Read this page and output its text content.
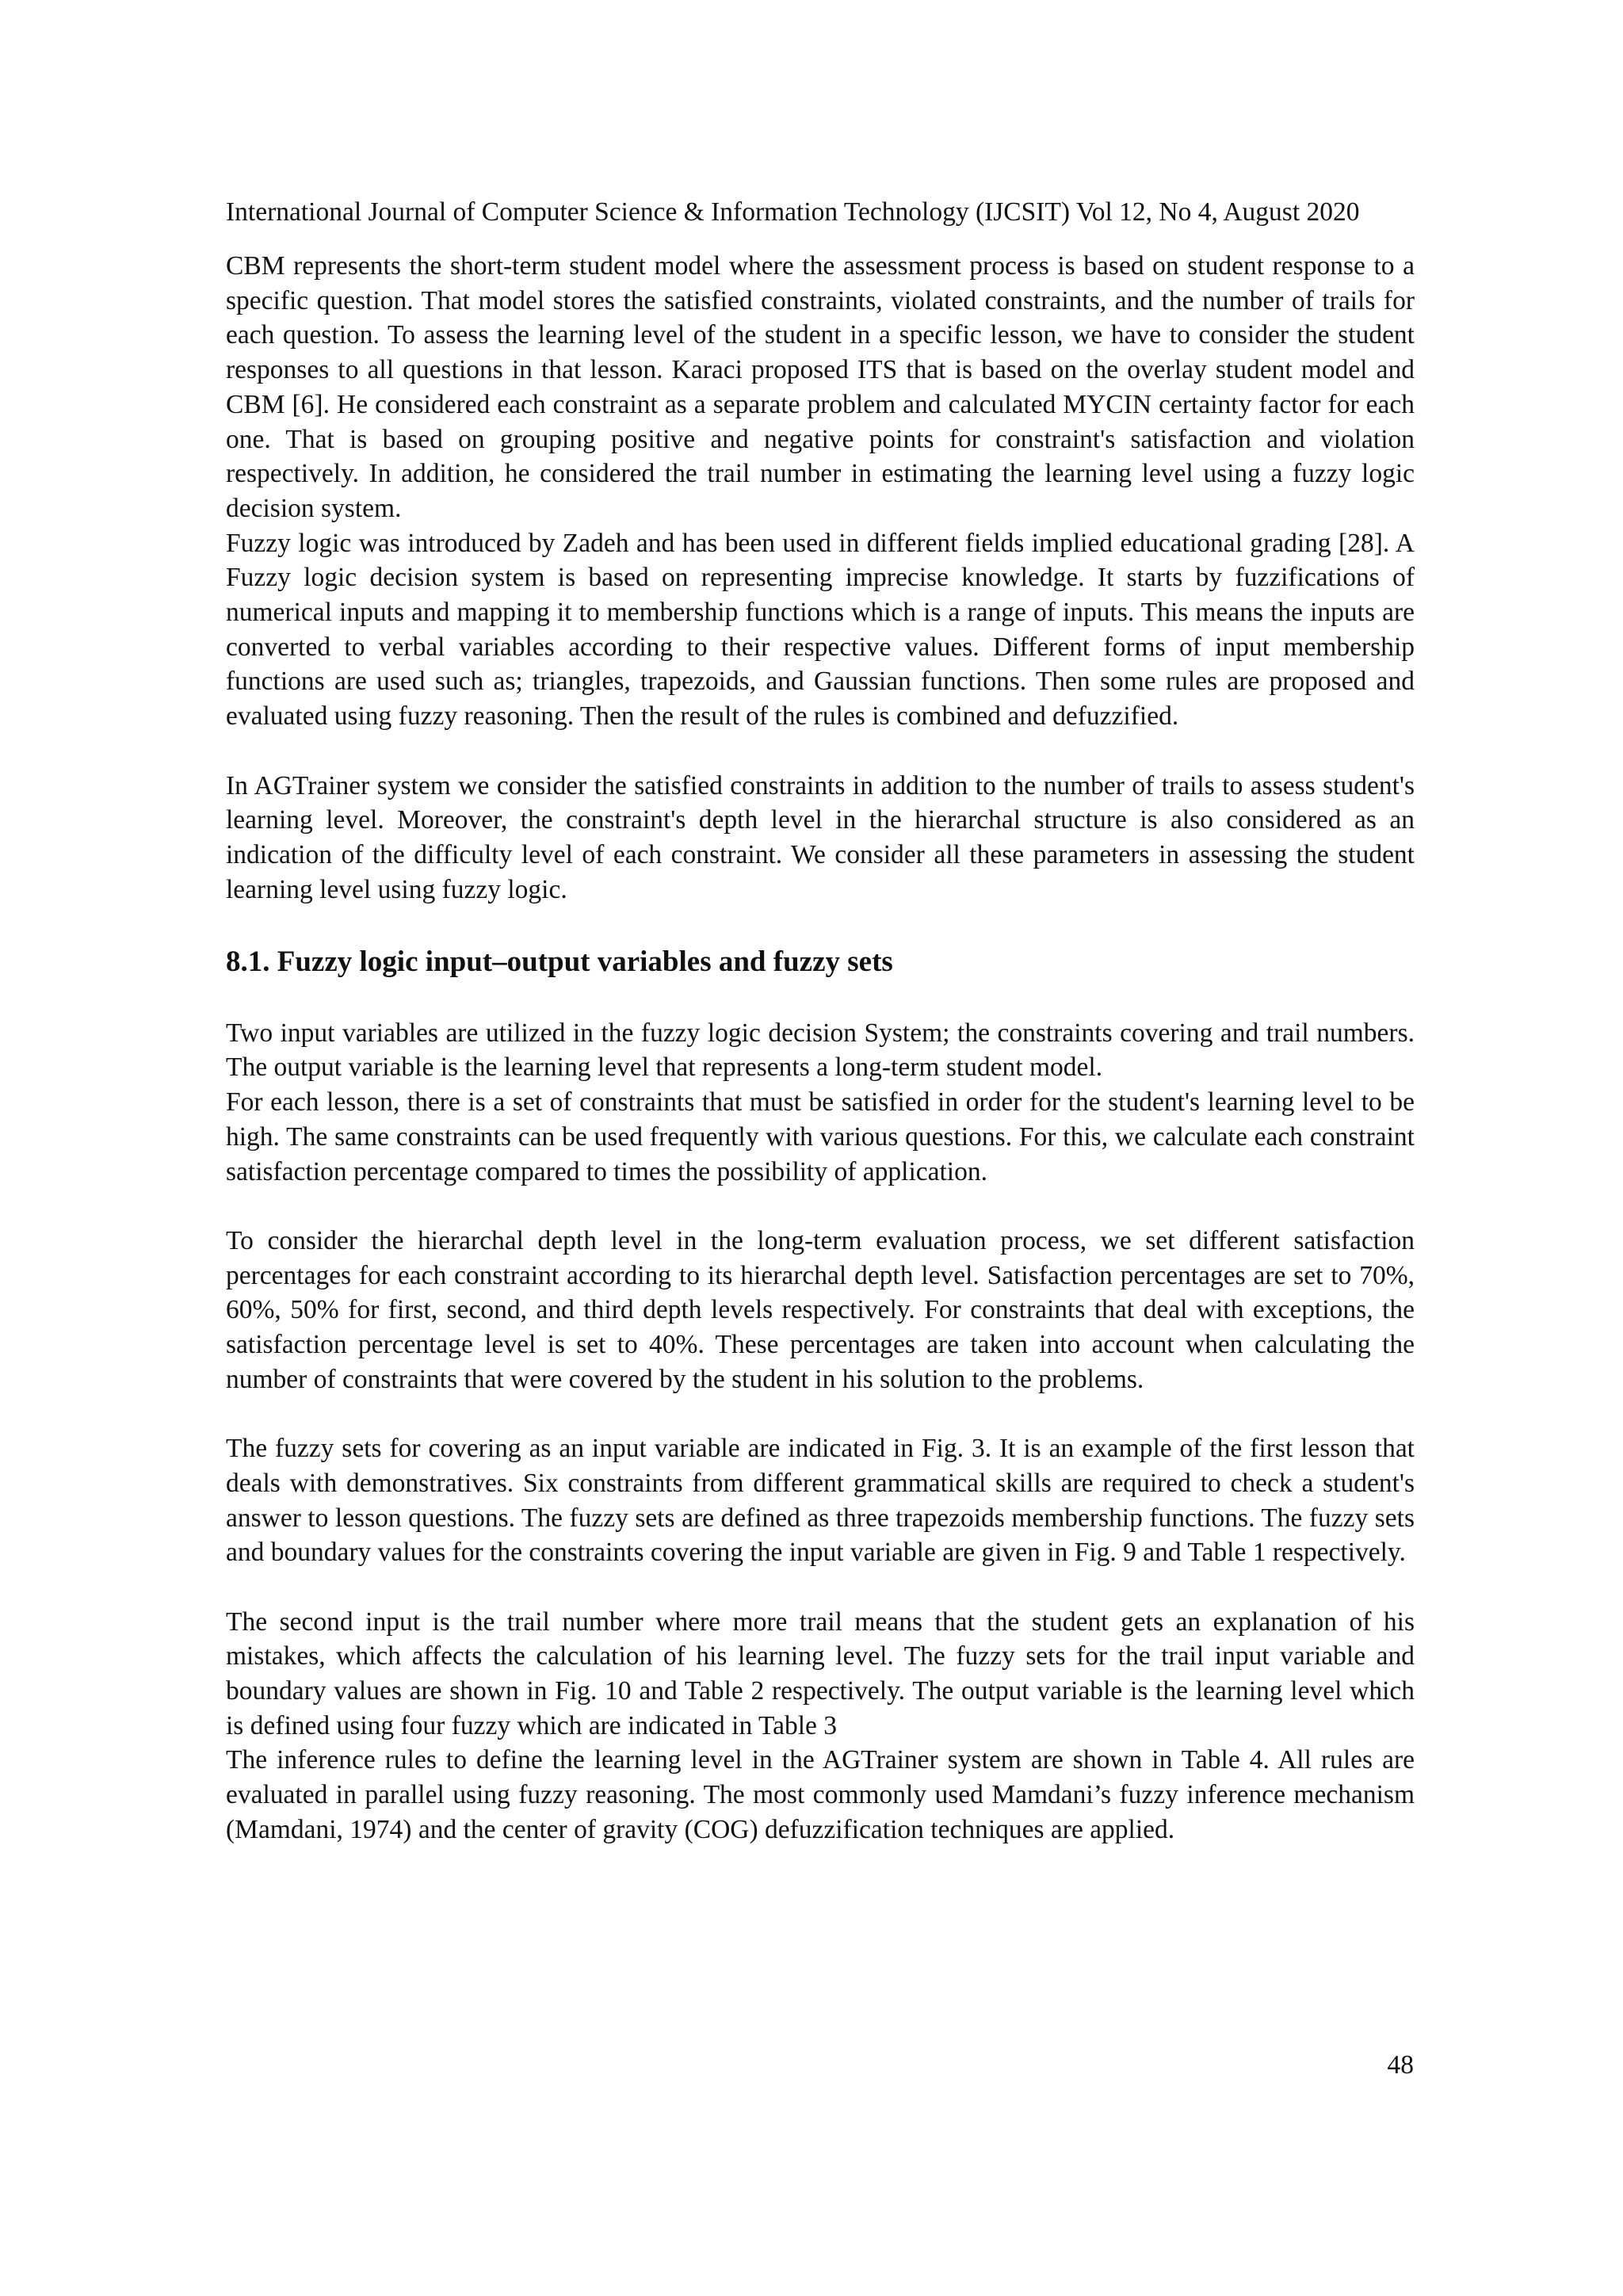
International Journal of Computer Science & Information Technology (IJCSIT) Vol 12, No 4, August 2020

CBM represents the short-term student model where the assessment process is based on student response to a specific question. That model stores the satisfied constraints, violated constraints, and the number of trails for each question. To assess the learning level of the student in a specific lesson, we have to consider the student responses to all questions in that lesson. Karaci proposed ITS that is based on the overlay student model and CBM [6]. He considered each constraint as a separate problem and calculated MYCIN certainty factor for each one. That is based on grouping positive and negative points for constraint's satisfaction and violation respectively. In addition, he considered the trail number in estimating the learning level using a fuzzy logic decision system.

Fuzzy logic was introduced by Zadeh and has been used in different fields implied educational grading [28]. A Fuzzy logic decision system is based on representing imprecise knowledge. It starts by fuzzifications of numerical inputs and mapping it to membership functions which is a range of inputs. This means the inputs are converted to verbal variables according to their respective values. Different forms of input membership functions are used such as; triangles, trapezoids, and Gaussian functions. Then some rules are proposed and evaluated using fuzzy reasoning. Then the result of the rules is combined and defuzzified.

In AGTrainer system we consider the satisfied constraints in addition to the number of trails to assess student's learning level. Moreover, the constraint's depth level in the hierarchal structure is also considered as an indication of the difficulty level of each constraint. We consider all these parameters in assessing the student learning level using fuzzy logic.

8.1. Fuzzy logic input–output variables and fuzzy sets

Two input variables are utilized in the fuzzy logic decision System; the constraints covering and trail numbers. The output variable is the learning level that represents a long-term student model.

For each lesson, there is a set of constraints that must be satisfied in order for the student's learning level to be high. The same constraints can be used frequently with various questions. For this, we calculate each constraint satisfaction percentage compared to times the possibility of application.

To consider the hierarchal depth level in the long-term evaluation process, we set different satisfaction percentages for each constraint according to its hierarchal depth level. Satisfaction percentages are set to 70%, 60%, 50% for first, second, and third depth levels respectively. For constraints that deal with exceptions, the satisfaction percentage level is set to 40%. These percentages are taken into account when calculating the number of constraints that were covered by the student in his solution to the problems.

The fuzzy sets for covering as an input variable are indicated in Fig. 3. It is an example of the first lesson that deals with demonstratives. Six constraints from different grammatical skills are required to check a student's answer to lesson questions. The fuzzy sets are defined as three trapezoids membership functions. The fuzzy sets and boundary values for the constraints covering the input variable are given in Fig. 9 and Table 1 respectively.

The second input is the trail number where more trail means that the student gets an explanation of his mistakes, which affects the calculation of his learning level. The fuzzy sets for the trail input variable and boundary values are shown in Fig. 10 and Table 2 respectively. The output variable is the learning level which is defined using four fuzzy which are indicated in Table 3

The inference rules to define the learning level in the AGTrainer system are shown in Table 4. All rules are evaluated in parallel using fuzzy reasoning. The most commonly used Mamdani’s fuzzy inference mechanism (Mamdani, 1974) and the center of gravity (COG) defuzzification techniques are applied.

48
